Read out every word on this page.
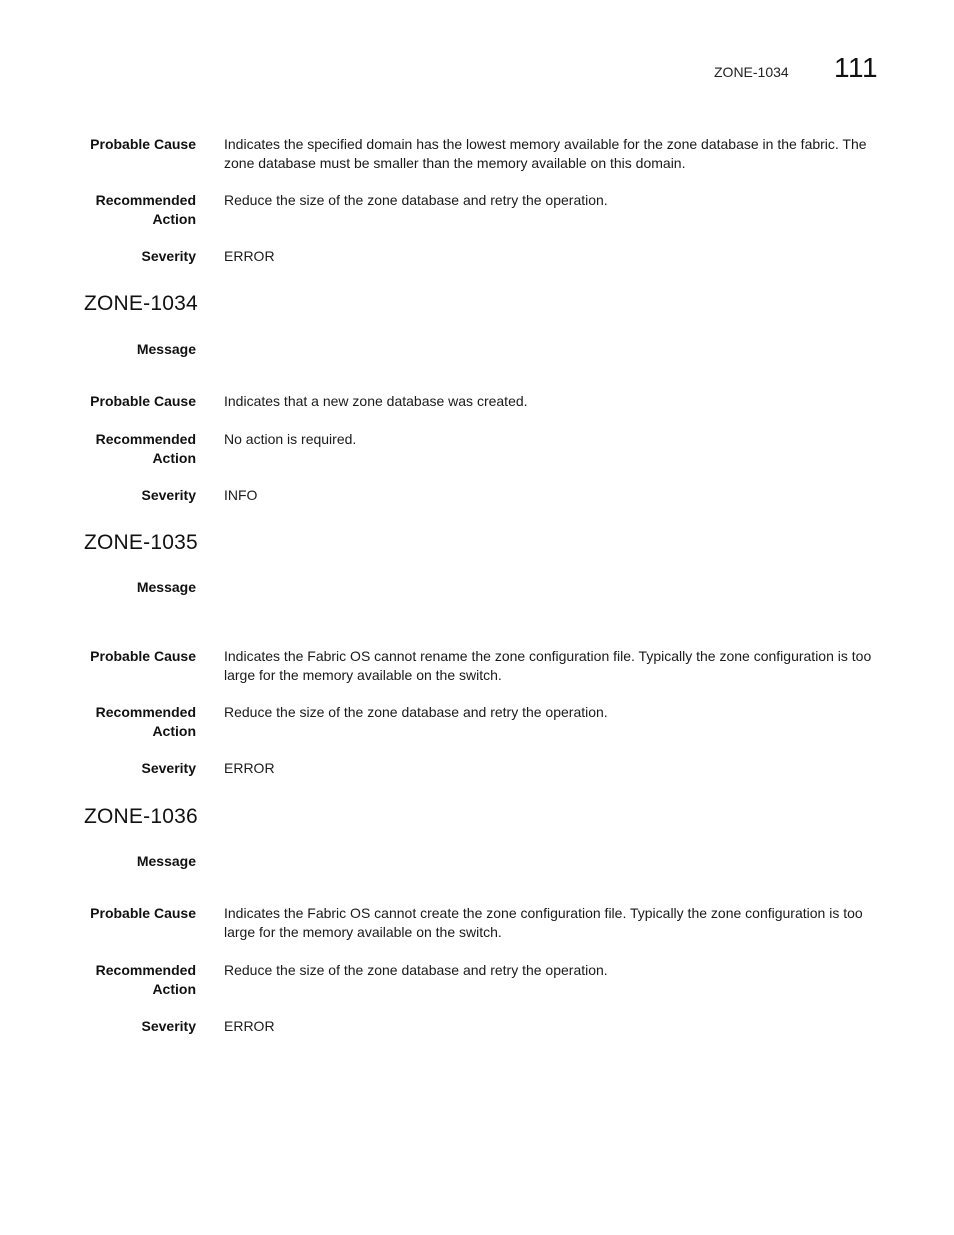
ZONE-1034 111
Probable Cause Indicates the specified domain has the lowest memory available for the zone database in the fabric. The zone database must be smaller than the memory available on this domain.
Recommended Action
Reduce the size of the zone database and retry the operation.
Severity ERROR
ZONE-1034
Message
Probable Cause Indicates that a new zone database was created.
Recommended Action
No action is required.
Severity INFO
ZONE-1035
Message
Probable Cause Indicates the Fabric OS cannot rename the zone configuration file. Typically the zone configuration is too large for the memory available on the switch.
Recommended Action
Reduce the size of the zone database and retry the operation.
Severity ERROR
ZONE-1036
Message
Probable Cause Indicates the Fabric OS cannot create the zone configuration file. Typically the zone configuration is too large for the memory available on the switch.
Recommended Action
Reduce the size of the zone database and retry the operation.
Severity ERROR
